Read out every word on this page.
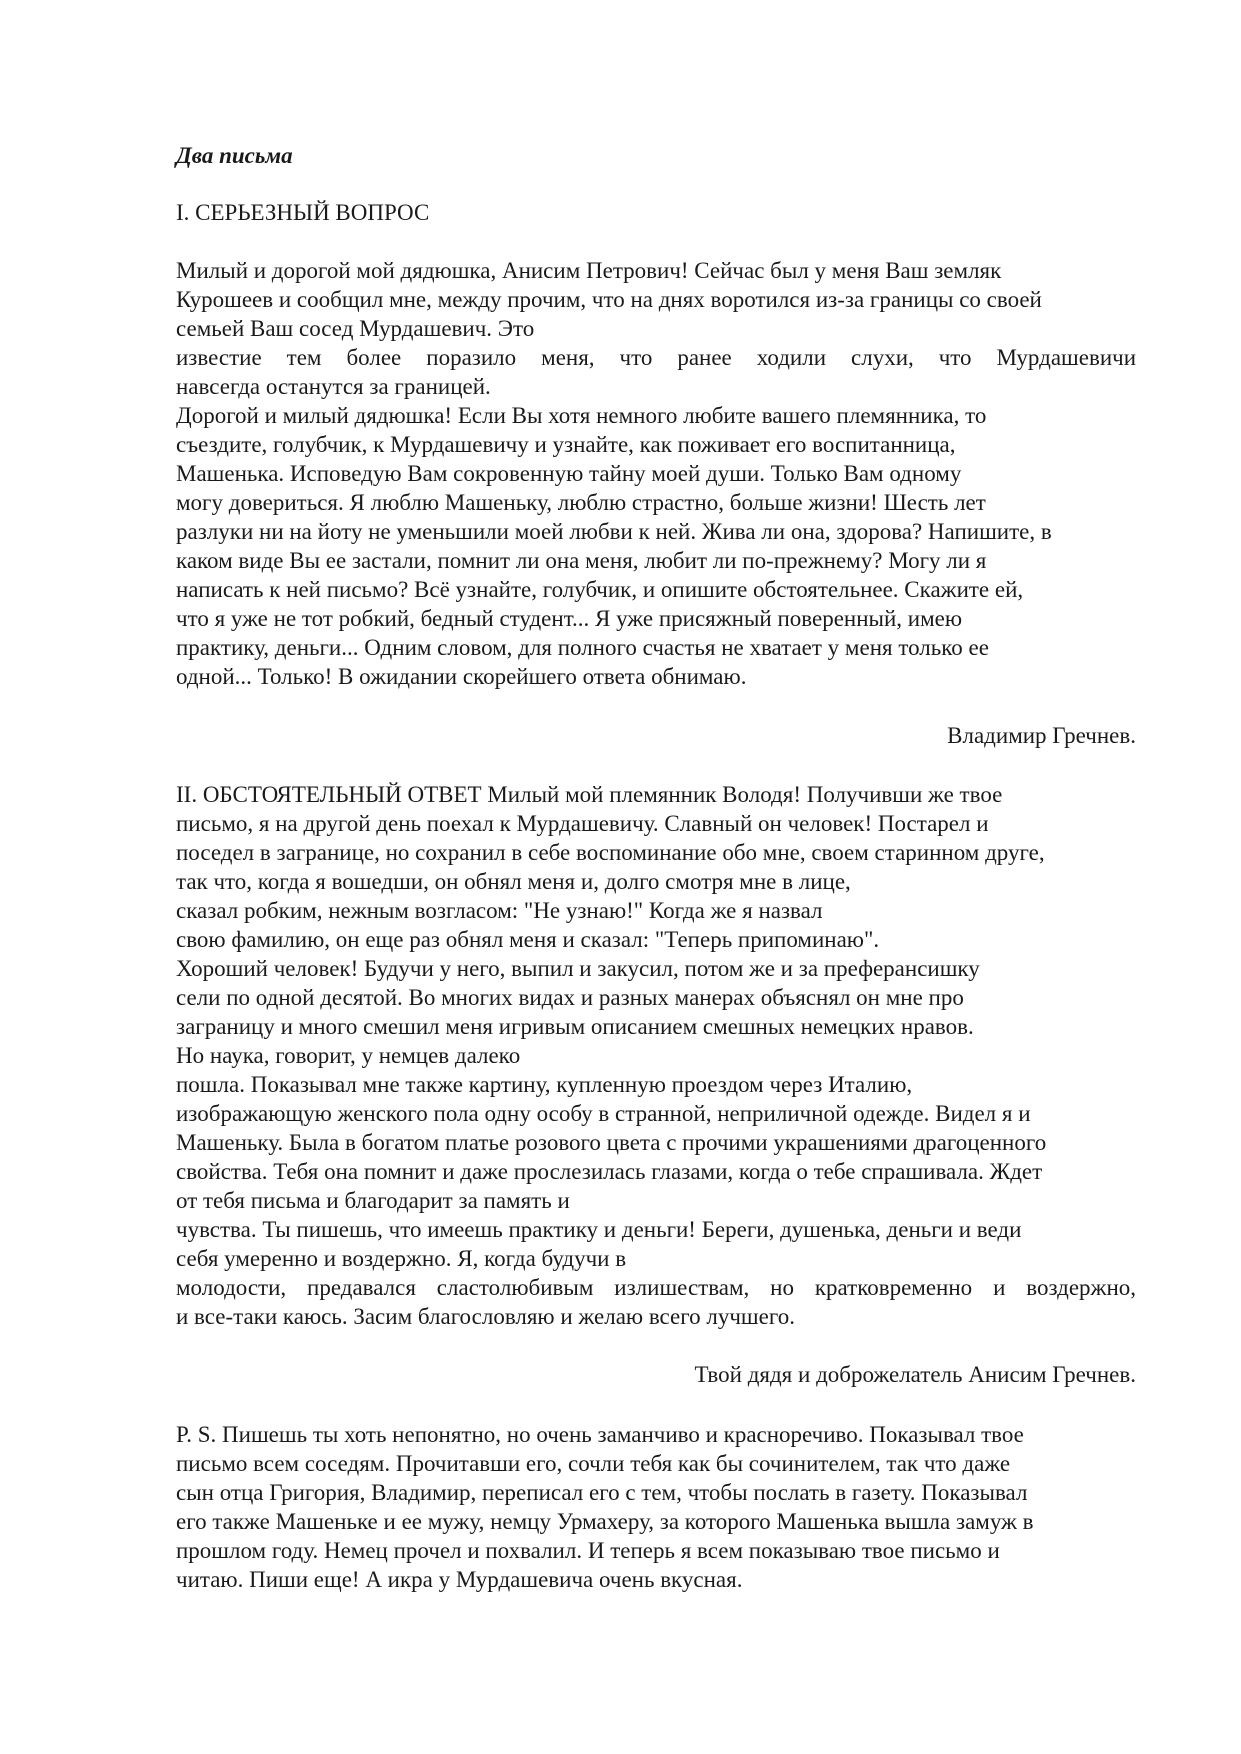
Два письма
I. СЕРЬЕЗНЫЙ ВОПРОС
Милый и дорогой мой дядюшка, Анисим Петрович! Сейчас был у меня Ваш земляк
Курошеев и сообщил мне, между прочим, что на днях воротился из-за границы со своей
семьей Ваш сосед Мурдашевич. Это
известие тем более поразило меня, что ранее ходили слухи, что Мурдашевичи
навсегда останутся за границей.
Дорогой и милый дядюшка! Если Вы хотя немного любите вашего племянника, то
съездите, голубчик, к Мурдашевичу и узнайте, как поживает его воспитанница,
Машенька. Исповедую Вам сокровенную тайну моей души. Только Вам одному
могу довериться. Я люблю Машеньку, люблю страстно, больше жизни! Шесть лет
разлуки ни на йоту не уменьшили моей любви к ней. Жива ли она, здорова? Напишите, в
каком виде Вы ее застали, помнит ли она меня, любит ли по-прежнему? Могу ли я
написать к ней письмо? Всё узнайте, голубчик, и опишите обстоятельнее. Скажите ей,
что я уже не тот робкий, бедный студент... Я уже присяжный поверенный, имею
практику, деньги... Одним словом, для полного счастья не хватает у меня только ее
одной... Только! В ожидании скорейшего ответа обнимаю.
Владимир Гречнев.
II. ОБСТОЯТЕЛЬНЫЙ ОТВЕТ Милый мой племянник Володя! Получивши же твое
письмо, я на другой день поехал к Мурдашевичу. Славный он человек! Постарел и
поседел в загранице, но сохранил в себе воспоминание обо мне, своем старинном друге,
так что, когда я вошедши, он обнял меня и, долго смотря мне в лице,
сказал робким, нежным возгласом: "Не узнаю!" Когда же я назвал
свою фамилию, он еще раз обнял меня и сказал: "Теперь припоминаю".
Хороший человек! Будучи у него, выпил и закусил, потом же и за преферансишку
сели по одной десятой. Во многих видах и разных манерах объяснял он мне про
заграницу и много смешил меня игривым описанием смешных немецких нравов.
Но наука, говорит, у немцев далеко
пошла. Показывал мне также картину, купленную проездом через Италию,
изображающую женского пола одну особу в странной, неприличной одежде. Видел я и
Машеньку. Была в богатом платье розового цвета с прочими украшениями драгоценного
свойства. Тебя она помнит и даже прослезилась глазами, когда о тебе спрашивала. Ждет
от тебя письма и благодарит за память и
чувства. Ты пишешь, что имеешь практику и деньги! Береги, душенька, деньги и веди
себя умеренно и воздержно. Я, когда будучи в
молодости, предавался сластолюбивым излишествам, но кратковременно и воздержно,
и все-таки каюсь. Засим благословляю и желаю всего лучшего.
Твой дядя и доброжелатель Анисим Гречнев.
P. S. Пишешь ты хоть непонятно, но очень заманчиво и красноречиво. Показывал твое
письмо всем соседям. Прочитавши его, сочли тебя как бы сочинителем, так что даже
сын отца Григория, Владимир, переписал его с тем, чтобы послать в газету. Показывал
его также Машеньке и ее мужу, немцу Урмахеру, за которого Машенька вышла замуж в
прошлом году. Немец прочел и похвалил. И теперь я всем показываю твое письмо и
читаю. Пиши еще! А икра у Мурдашевича очень вкусная.
